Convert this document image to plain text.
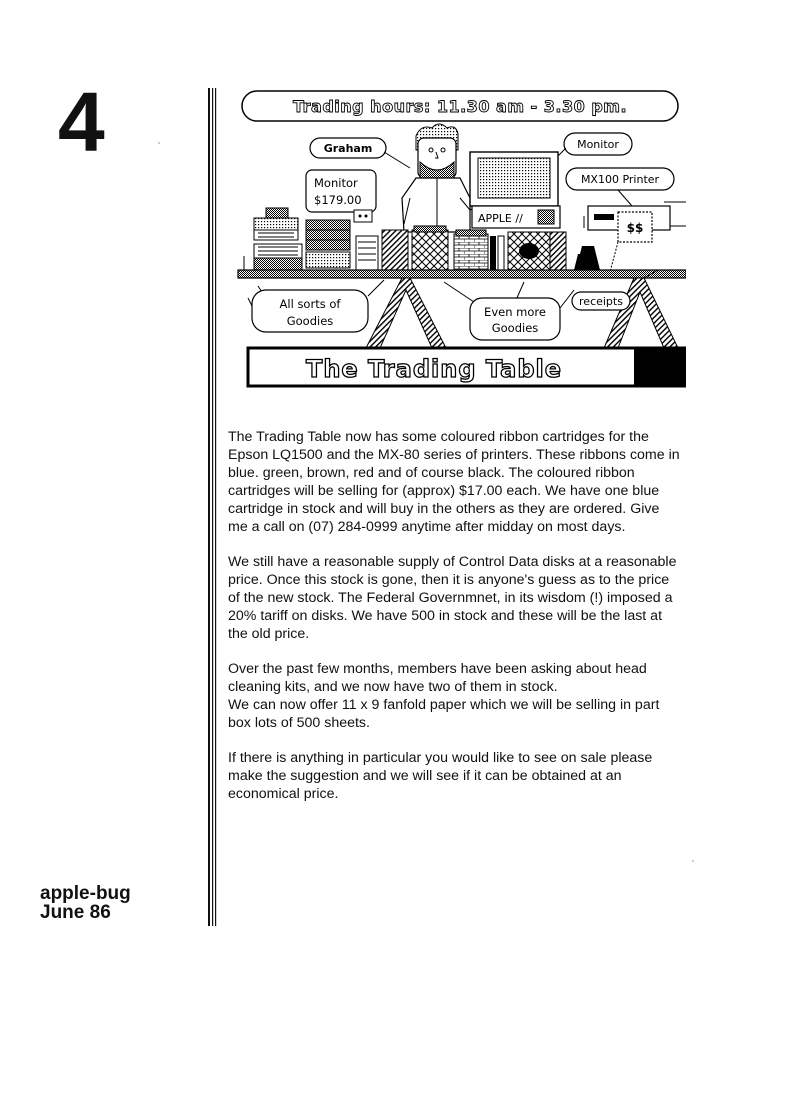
4
apple-bug
June 86
Trading hours: 11.30 am - 3.30 pm.
Graham	Monitor
MX100 Printer
Monitor
$179.00
APPLE //
$$
All sorts of
Goodies
Even more
Goodies
receipts
The Trading Table

The Trading Table now has some coloured ribbon cartridges for the Epson LQ1500 and the MX-80 series of printers. These ribbons come in blue. green, brown, red and of course black. The coloured ribbon cartridges will be selling for (approx) $17.00 each. We have one blue cartridge in stock and will buy in the others as they are ordered. Give me a call on (07) 284-0999 anytime after midday on most days.

We still have a reasonable supply of Control Data disks at a reasonable price. Once this stock is gone, then it is anyone's guess as to the price of the new stock. The Federal Governmnet, in its wisdom (!) imposed a 20% tariff on disks. We have 500 in stock and these will be the last at the old price.

Over the past few months, members have been asking about head cleaning kits, and we now have two of them in stock.
We can now offer 11 x 9 fanfold paper which we will be selling in part box lots of 500 sheets.

If there is anything in particular you would like to see on sale please make the suggestion and we will see if it can be obtained at an economical price.
